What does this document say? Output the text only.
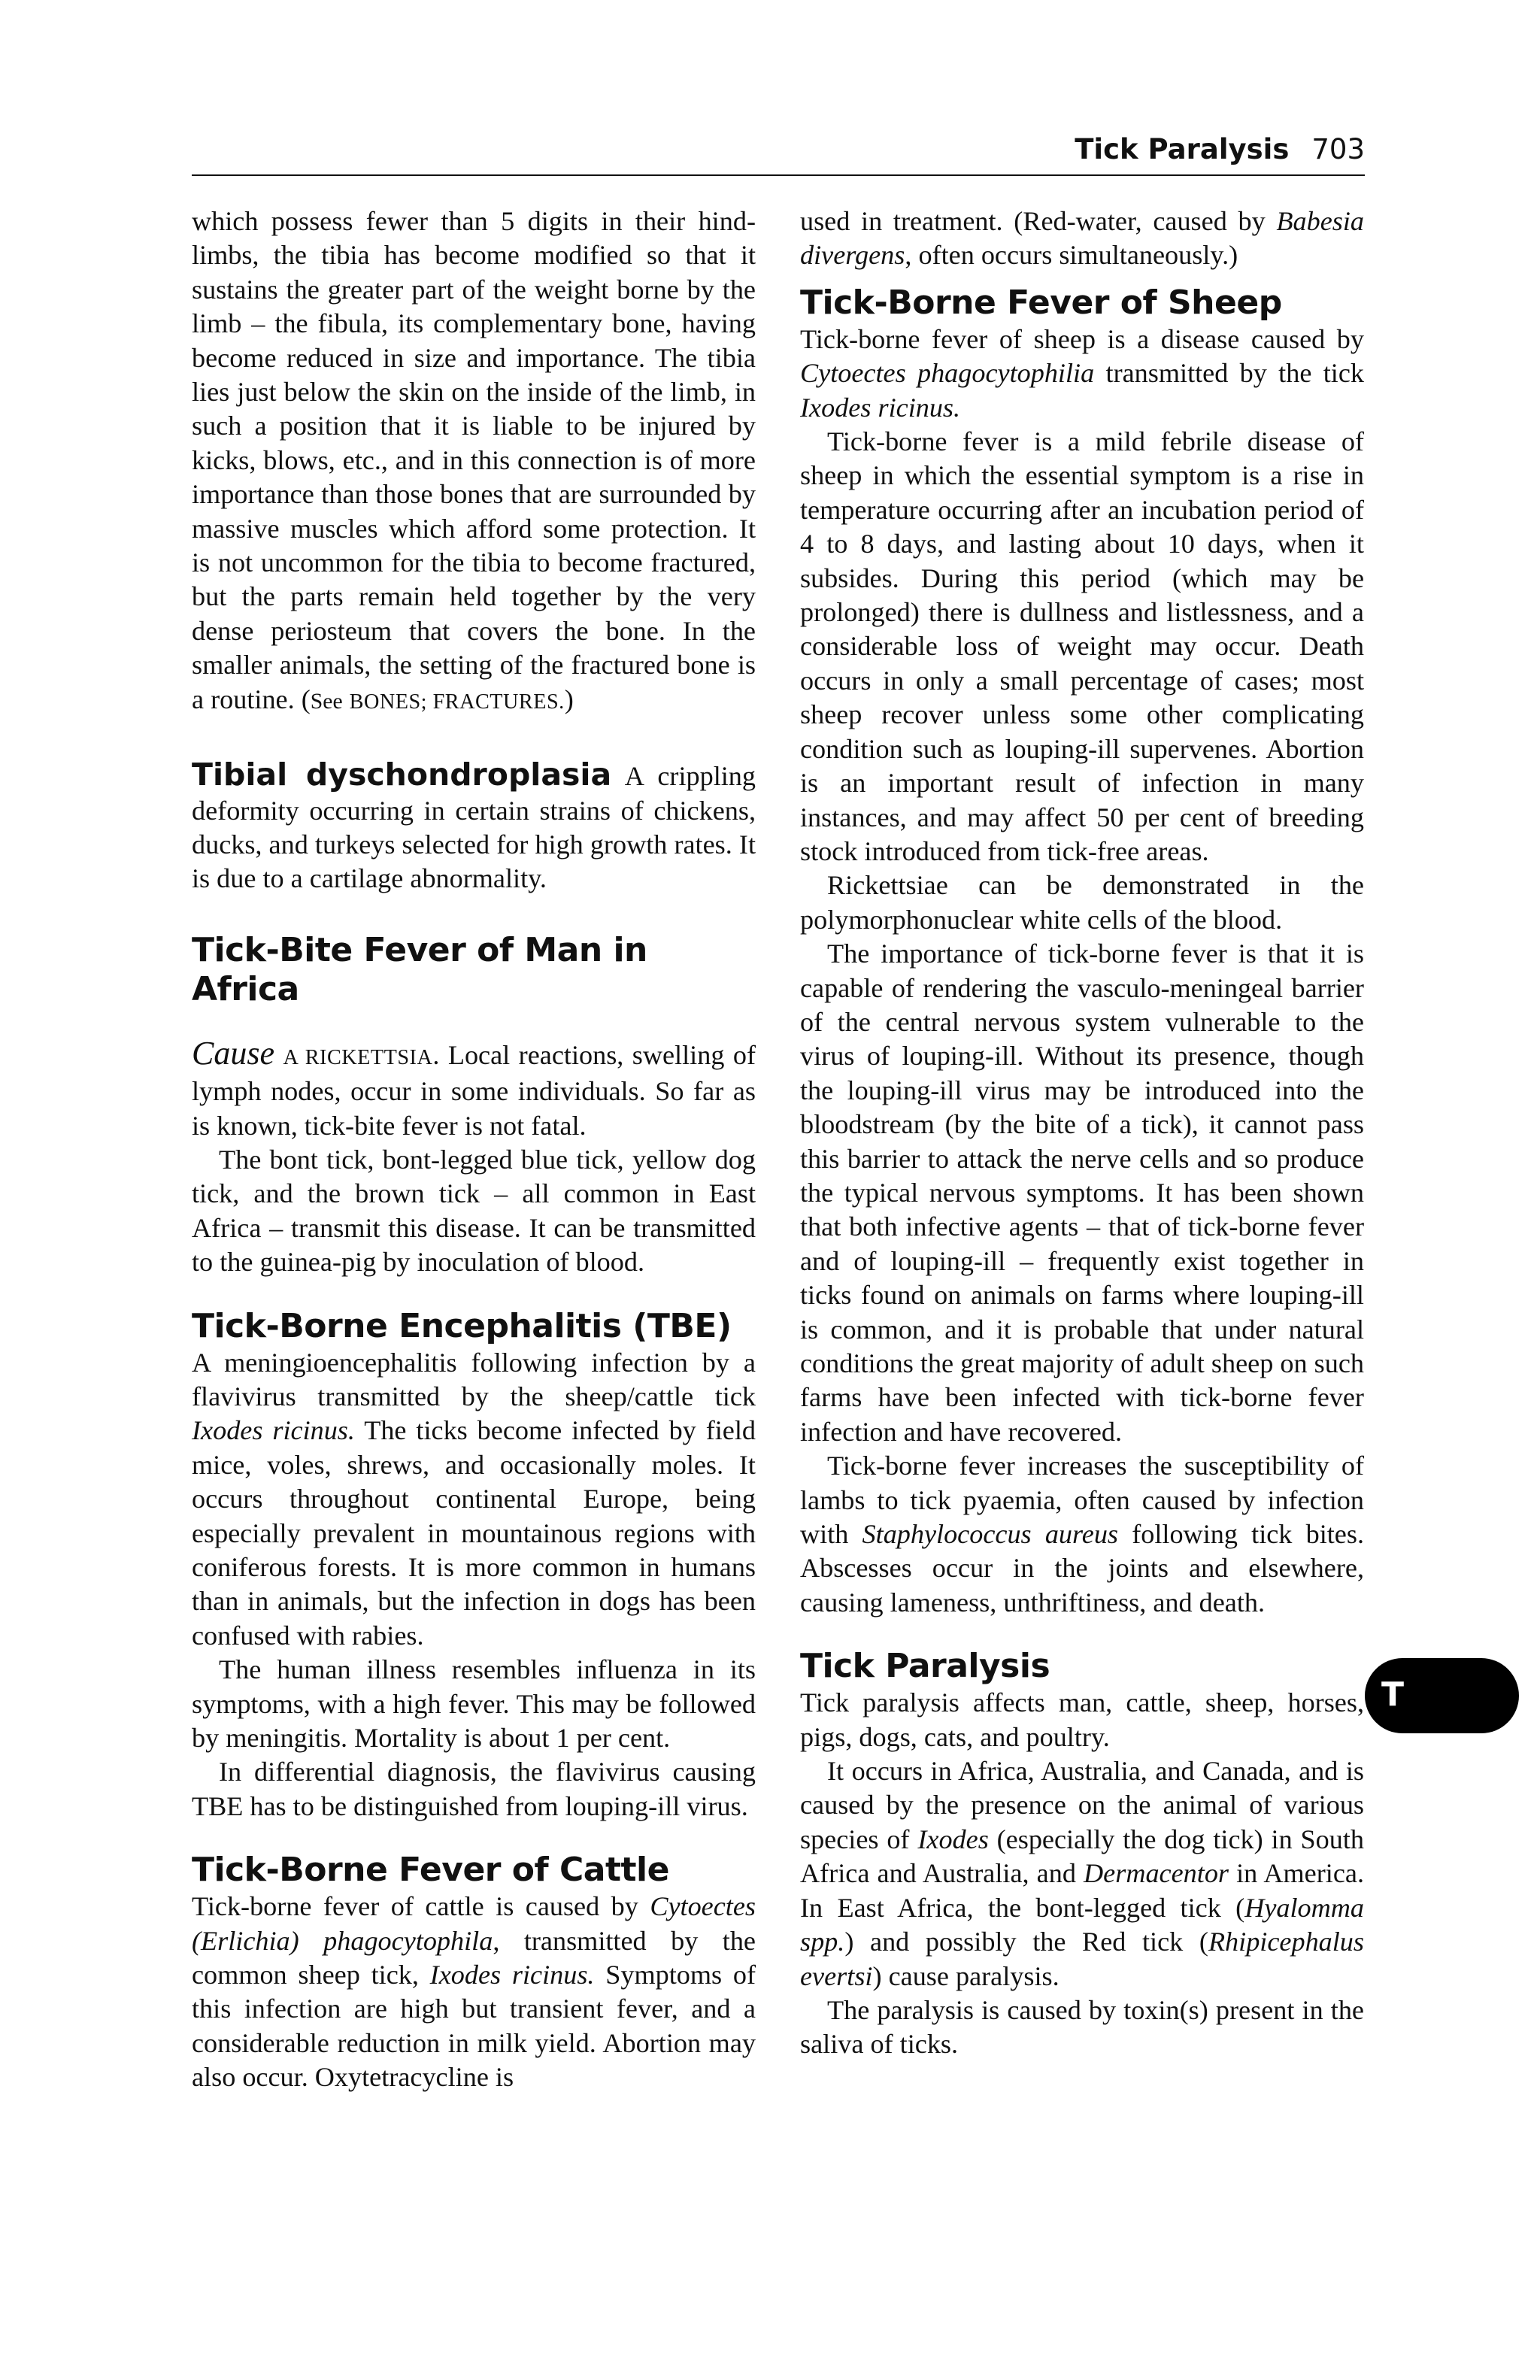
Tick Paralysis 703

which possess fewer than 5 digits in their hindlimbs, the tibia has become modified so that it sustains the greater part of the weight borne by the limb – the fibula, its complementary bone, having become reduced in size and importance. The tibia lies just below the skin on the inside of the limb, in such a position that it is liable to be injured by kicks, blows, etc., and in this connection is of more importance than those bones that are surrounded by massive muscles which afford some protection. It is not uncommon for the tibia to become fractured, but the parts remain held together by the very dense periosteum that covers the bone. In the smaller animals, the setting of the fractured bone is a routine. (See BONES; FRACTURES.)

Tibial dyschondroplasia A crippling deformity occurring in certain strains of chickens, ducks, and turkeys selected for high growth rates. It is due to a cartilage abnormality.

Tick-Bite Fever of Man in Africa

Cause A RICKETTSIA. Local reactions, swelling of lymph nodes, occur in some individuals. So far as is known, tick-bite fever is not fatal.

The bont tick, bont-legged blue tick, yellow dog tick, and the brown tick – all common in East Africa – transmit this disease. It can be transmitted to the guinea-pig by inoculation of blood.

Tick-Borne Encephalitis (TBE)

A meningioencephalitis following infection by a flavivirus transmitted by the sheep/cattle tick Ixodes ricinus. The ticks become infected by field mice, voles, shrews, and occasionally moles. It occurs throughout continental Europe, being especially prevalent in mountainous regions with coniferous forests. It is more common in humans than in animals, but the infection in dogs has been confused with rabies.

The human illness resembles influenza in its symptoms, with a high fever. This may be followed by meningitis. Mortality is about 1 per cent.

In differential diagnosis, the flavivirus causing TBE has to be distinguished from louping-ill virus.

Tick-Borne Fever of Cattle

Tick-borne fever of cattle is caused by Cytoectes (Erlichia) phagocytophila, transmitted by the common sheep tick, Ixodes ricinus. Symptoms of this infection are high but transient fever, and a considerable reduction in milk yield. Abortion may also occur. Oxytetracycline is

used in treatment. (Red-water, caused by Babesia divergens, often occurs simultaneously.)

Tick-Borne Fever of Sheep

Tick-borne fever of sheep is a disease caused by Cytoectes phagocytophilia transmitted by the tick Ixodes ricinus.

Tick-borne fever is a mild febrile disease of sheep in which the essential symptom is a rise in temperature occurring after an incubation period of 4 to 8 days, and lasting about 10 days, when it subsides. During this period (which may be prolonged) there is dullness and listlessness, and a considerable loss of weight may occur. Death occurs in only a small percentage of cases; most sheep recover unless some other complicating condition such as louping-ill supervenes. Abortion is an important result of infection in many instances, and may affect 50 per cent of breeding stock introduced from tick-free areas.

Rickettsiae can be demonstrated in the polymorphonuclear white cells of the blood.

The importance of tick-borne fever is that it is capable of rendering the vasculo-meningeal barrier of the central nervous system vulnerable to the virus of louping-ill. Without its presence, though the louping-ill virus may be introduced into the bloodstream (by the bite of a tick), it cannot pass this barrier to attack the nerve cells and so produce the typical nervous symptoms. It has been shown that both infective agents – that of tick-borne fever and of louping-ill – frequently exist together in ticks found on animals on farms where louping-ill is common, and it is probable that under natural conditions the great majority of adult sheep on such farms have been infected with tick-borne fever infection and have recovered.

Tick-borne fever increases the susceptibility of lambs to tick pyaemia, often caused by infection with Staphylococcus aureus following tick bites. Abscesses occur in the joints and elsewhere, causing lameness, unthriftiness, and death.

Tick Paralysis

Tick paralysis affects man, cattle, sheep, horses, pigs, dogs, cats, and poultry.

It occurs in Africa, Australia, and Canada, and is caused by the presence on the animal of various species of Ixodes (especially the dog tick) in South Africa and Australia, and Dermacentor in America. In East Africa, the bont-legged tick (Hyalomma spp.) and possibly the Red tick (Rhipicephalus evertsi) cause paralysis.

The paralysis is caused by toxin(s) present in the saliva of ticks.

T
